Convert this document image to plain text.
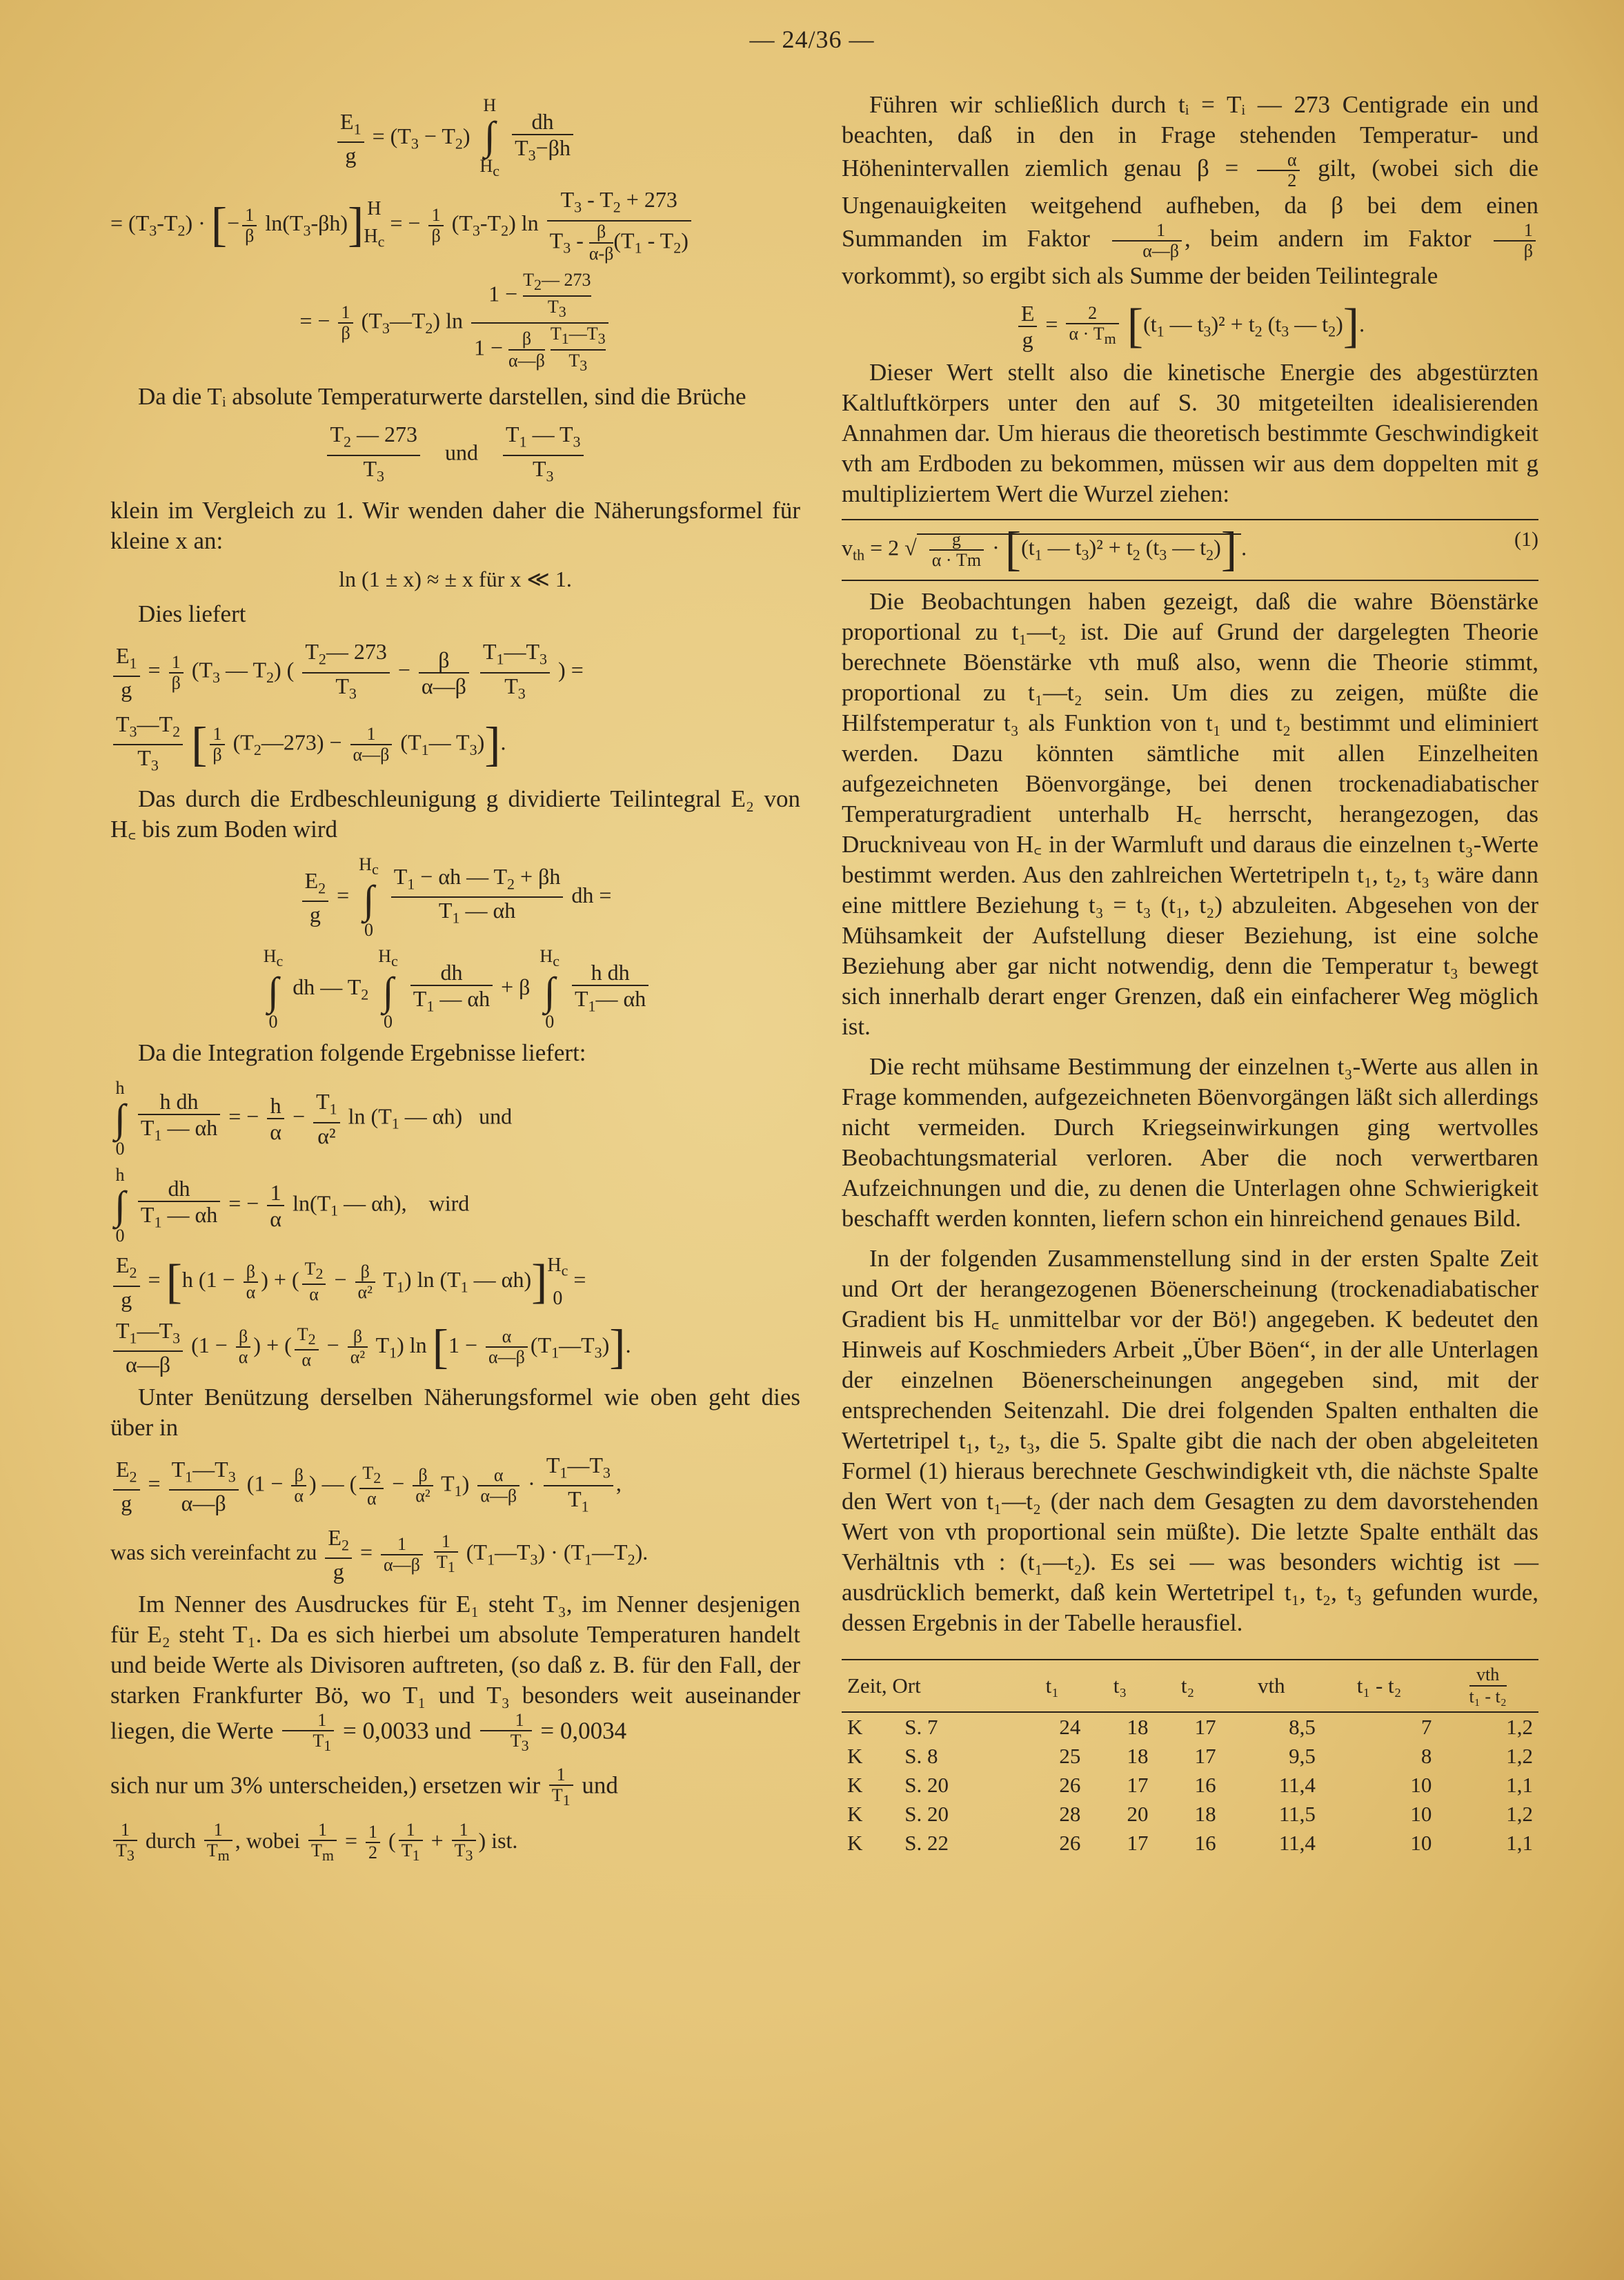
— 24/36 —
$\frac{E_1}{g} = (T_3 - T_2)$
H
∫
$H_c$

$\frac{dh}{T_3-\beta h}$
= $(T_3-T_2)$ · [− $\frac{1}{\beta} \ln(T_3-\beta h)$] H
$H_c$
= − $\frac{1}{\beta} (T_3-T_2)$ $\ln \frac{T_3 - T_2 + 273}{T_3 - \frac{\beta}{\alpha-\beta} (T_1 - T_2)}$
= − $\frac{1}{\beta}$ $(T_3—T_2)$ $\ln 1 - \frac{T_2— 273}{T_3}$
$1 - \frac{\beta}{\alpha—\beta}$
$\frac{T_1—T_3}{T_3}$

Da die Tᵢ absolute Temperaturwerte darstellen, sind die Brüche

$\frac{T_2 — 273}{T_3}$ und $\frac{T_1 — T_3}{T_3}$

klein im Vergleich zu 1. Wir wenden daher die Näherungsformel für kleine x an:

ln (1 ± x) ≈ ± x für x ≪ 1.

Dies liefert

$\frac{E_1}{g} = \frac{1}{\beta} (T_3$ — $T_2$) ( $\frac{T_2— 273}{T_3} - \frac{\beta}{\alpha—\beta}$
$\frac{T_1—T_3}{T_3}$ ) =
$\frac{T_3—T_2}{T_3}$ [ $\frac{1}{\beta}$ $(T_2—273) - \frac{1}{\alpha—\beta}$ ($T_1—$ $T_3$)].

Das durch die Erdbeschleunigung g dividierte Teilintegral E₂ von H꜀ bis zum Boden wird

$\frac{E_2}{g}$ =
$H_c$
∫
0
$\frac{T_1 - \alpha h — T_2 + \beta h}{T_1 — \alpha h}$ dh =
$H_c$
∫
0
dh — $T_2$
$H_c$
∫
0

$\frac{dh}{T_1 — \alpha h} + \beta$
$H_c$
∫
0

$\frac{\text{h dh}}{T_1— \alpha h}$

Da die Integration folgende Ergebnisse liefert:

h
∫
0

$\frac{\text{h dh}}{T_1 — \alpha h}$ = − $\frac{h}{\alpha} - \frac{T_1}{\text{α²}}$ $\ln (T_1$ — αh)   und
h
∫
0

$\frac{dh}{T_1 — \alpha h}$ = − $\frac{1}{\alpha} \ln(T_1$ — αh),    wird
$\frac{E_2}{g} = [h$ ($1 - \frac{\beta}{\alpha}$ ) + ( $\frac{T_2}{\alpha} - \frac{\beta}{\text{α²}} T_1$) $\ln (T_1$ — αh)] $H_c$
0
=
$\frac{T_1—T_3}{\alpha—\beta} (1 - \frac{\beta}{\alpha}$ ) + ( $\frac{T_2}{\alpha} - \frac{\beta}{\text{α²}} T_1$) $\ln [1 - \frac{\alpha}{\alpha—\beta}$ $(T_1—T_3)$].

Unter Benützung derselben Näherungsformel wie oben geht dies über in

$\frac{E_2}{g} = \frac{T_1—T_3}{\alpha—\beta} (1 - \frac{\beta}{\alpha}$ ) — ( $\frac{T_2}{\alpha} - \frac{\beta}{\text{α²}} T_1) \frac{\alpha}{\alpha—\beta} \cdot \frac{T_1—T_3}{T_1}$ ,
was sich vereinfacht zu $\frac{E_2}{g} = \frac{1}{\alpha—\beta}$
$\frac{1}{T_1}$ $(T_1—T_3)$ · $(T_1—T_2)$.

Im Nenner des Ausdruckes für E₁ steht T₃, im Nenner desjenigen für E₂ steht T₁. Da es sich hierbei um absolute Temperaturen handelt und beide Werte als Divisoren auftreten, (so daß z. B. für den Fall, der starken Frankfurter Bö, wo T₁ und T₃ besonders weit auseinander liegen, die Werte $\frac{1}{T_1} = 0,0033$ und $\frac{1}{T_3} = 0,0034$

sich nur um 3% unterscheiden,) ersetzen wir $\frac{1}{T_1}$ und

$\frac{1}{T_3}$ durch $\frac{1}{T_m}$ , wobei $\frac{1}{T_m} = \frac{1}{2}$ ( $\frac{1}{T_1} + \frac{1}{T_3}$ ) ist.

Führen wir schließlich durch tᵢ = Tᵢ — 273 Centigrade ein und beachten, daß in den in Frage stehenden Temperatur- und Höhenintervallen ziemlich genau $\beta = \frac{\alpha}{2}$ gilt, (wobei sich die Ungenauigkeiten weitgehend aufheben, da β bei dem einen Summanden im Faktor $\frac{1}{\alpha—\beta}$ , beim andern im Faktor $\frac{1}{\beta}$
vorkommt), so ergibt sich als Summe der beiden Teilintegrale

$\frac{E}{g} = \frac{2}{\alpha \cdot T_m} [(t_1$ — $t_3)^2 + t_2$ ($t_3$ — $t_2$)].

Dieser Wert stellt also die kinetische Energie des abgestürzten Kaltluftkörpers unter den auf S. 30 mitgeteilten idealisierenden Annahmen dar. Um hieraus die theoretisch bestimmte Geschwindigkeit vth am Erdboden zu bekommen, müssen wir aus dem doppelten mit g multipliziertem Wert die Wurzel ziehen:

$v_{th} = 2$ √ $\frac{g}{\alpha \cdot Tm} \cdot [(t_1$ — $t_3)^2 + t_2$ ($t_3$ — $t_2$)] .	(1)

Die Beobachtungen haben gezeigt, daß die wahre Böenstärke proportional zu t₁—t₂ ist. Die auf Grund der dargelegten Theorie berechnete Böenstärke vth muß also, wenn die Theorie stimmt, proportional zu t₁—t₂ sein. Um dies zu zeigen, müßte die Hilfstemperatur t₃ als Funktion von t₁ und t₂ bestimmt und eliminiert werden. Dazu könnten sämtliche mit allen Einzelheiten aufgezeichneten Böenvorgänge, bei denen trockenadiabatischer Temperaturgradient unterhalb H꜀ herrscht, herangezogen, das Druckniveau von H꜀ in der Warmluft und daraus die einzelnen t₃-Werte bestimmt werden. Aus den zahlreichen Wertetripeln t₁, t₂, t₃ wäre dann eine mittlere Beziehung t₃ = t₃ (t₁, t₂) abzuleiten. Abgesehen von der Mühsamkeit der Aufstellung dieser Beziehung, ist eine solche Beziehung aber gar nicht notwendig, denn die Temperatur t₃ bewegt sich innerhalb derart enger Grenzen, daß ein einfacherer Weg möglich ist.

Die recht mühsame Bestimmung der einzelnen t₃-Werte aus allen in Frage kommenden, aufgezeichneten Böenvorgängen läßt sich allerdings nicht vermeiden. Durch Kriegseinwirkungen ging wertvolles Beobachtungsmaterial verloren. Aber die noch verwertbaren Aufzeichnungen und die, zu denen die Unterlagen ohne Schwierigkeit beschafft werden konnten, liefern schon ein hinreichend genaues Bild.

In der folgenden Zusammenstellung sind in der ersten Spalte Zeit und Ort der herangezogenen Böenerscheinung (trockenadiabatischer Gradient bis H꜀ unmittelbar vor der Bö!) angegeben. K bedeutet den Hinweis auf Koschmieders Arbeit „Über Böen“, in der alle Unterlagen der einzelnen Böenerscheinungen angegeben sind, mit der entsprechenden Seitenzahl. Die drei folgenden Spalten enthalten die Wertetripel t₁, t₂, t₃, die 5. Spalte gibt die nach der oben abgeleiteten Formel (1) hieraus berechnete Geschwindigkeit vth, die nächste Spalte den Wert von t₁—t₂ (der nach dem Gesagten zu dem davorstehenden Wert von vth proportional sein müßte). Die letzte Spalte enthält das Verhältnis vth : (t₁—t₂). Es sei — was besonders wichtig ist — ausdrücklich bemerkt, daß kein Wertetripel t₁, t₂, t₃ gefunden wurde, dessen Ergebnis in der Tabelle herausfiel.

Zeit, Ort		t₁	t₃	t₂	vth	t₁ - t₂	vth
t₁ - t₂

K	S. 7	24	18	17	8,5	7	1,2
K	S. 8	25	18	17	9,5	8	1,2
K	S. 20	26	17	16	11,4	10	1,1
K	S. 20	28	20	18	11,5	10	1,2
K	S. 22	26	17	16	11,4	10	1,1
